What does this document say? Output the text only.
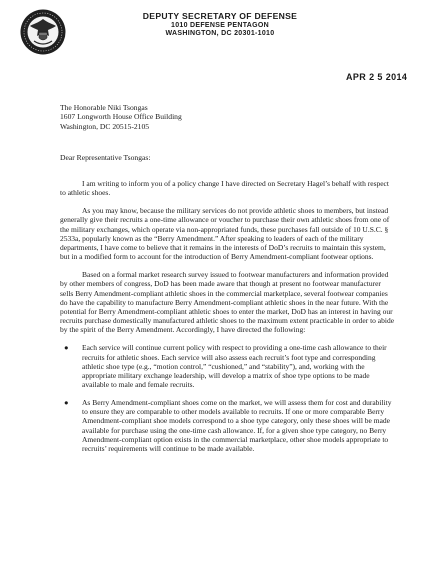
DEPUTY SECRETARY OF DEFENSE
1010 DEFENSE PENTAGON
WASHINGTON, DC 20301-1010
APR 2 5 2014
The Honorable Niki Tsongas
1607 Longworth House Office Building
Washington, DC 20515-2105
Dear Representative Tsongas:

I am writing to inform you of a policy change I have directed on Secretary Hagel’s behalf with respect to athletic shoes.

As you may know, because the military services do not provide athletic shoes to members, but instead generally give their recruits a one-time allowance or voucher to purchase their own athletic shoes from one of the military exchanges, which operate via non-appropriated funds, these purchases fall outside of 10 U.S.C. § 2533a, popularly known as the “Berry Amendment.” After speaking to leaders of each of the military departments, I have come to believe that it remains in the interests of DoD’s recruits to maintain this system, but in a modified form to account for the introduction of Berry Amendment-compliant footwear options.

Based on a formal market research survey issued to footwear manufacturers and information provided by other members of congress, DoD has been made aware that though at present no footwear manufacturer sells Berry Amendment-compliant athletic shoes in the commercial marketplace, several footwear companies do have the capability to manufacture Berry Amendment-compliant athletic shoes in the near future. With the potential for Berry Amendment-compliant athletic shoes to enter the market, DoD has an interest in having our recruits purchase domestically manufactured athletic shoes to the maximum extent practicable in order to abide by the spirit of the Berry Amendment. Accordingly, I have directed the following:

● Each service will continue current policy with respect to providing a one-time cash allowance to their recruits for athletic shoes. Each service will also assess each recruit’s foot type and corresponding athletic shoe type (e.g., “motion control,” “cushioned,” and “stability”), and, working with the appropriate military exchange leadership, will develop a matrix of shoe type options to be made available to male and female recruits.
● As Berry Amendment-compliant shoes come on the market, we will assess them for cost and durability to ensure they are comparable to other models available to recruits. If one or more comparable Berry Amendment-compliant shoe models correspond to a shoe type category, only these shoes will be made available for purchase using the one-time cash allowance. If, for a given shoe type category, no Berry Amendment-compliant option exists in the commercial marketplace, other shoe models appropriate to recruits’ requirements will continue to be made available.
